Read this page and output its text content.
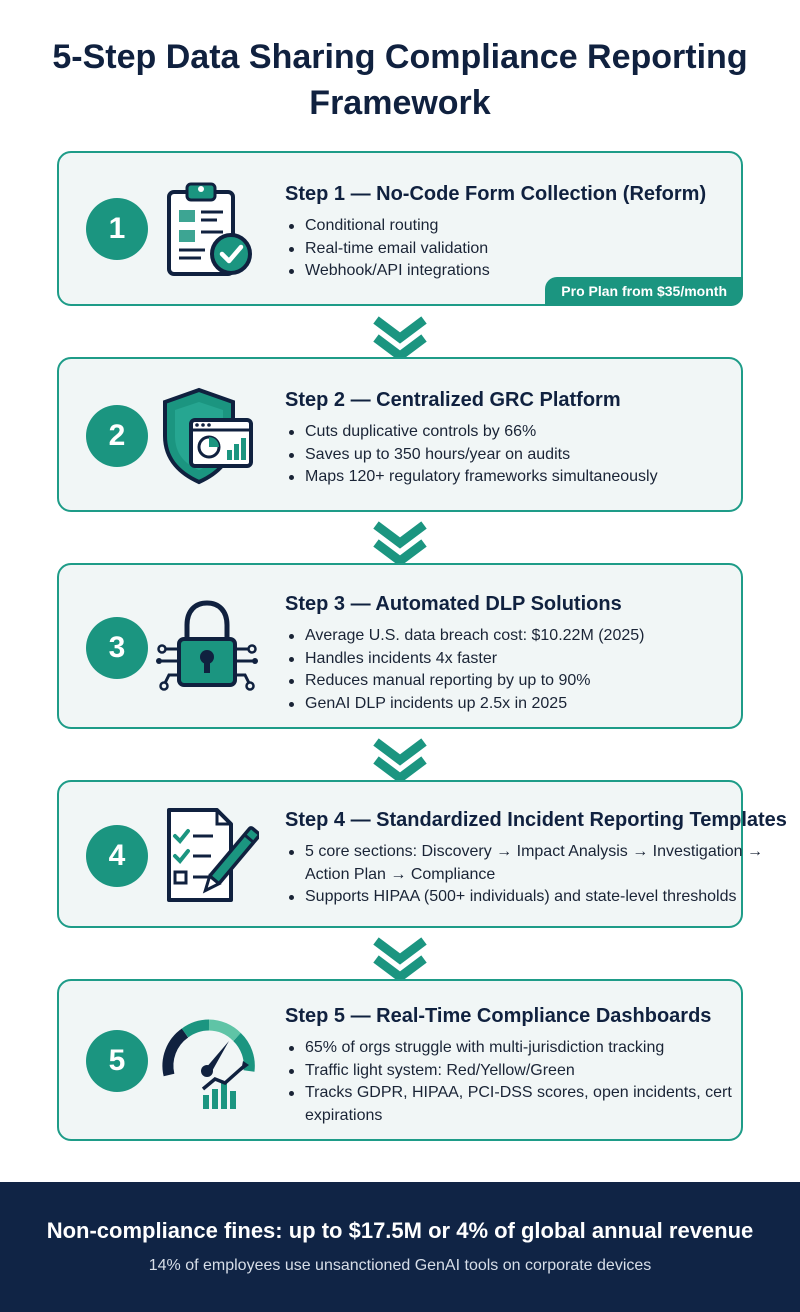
5-Step Data Sharing Compliance Reporting Framework
1
Step 1 — No-Code Form Collection (Reform)
Conditional routing
Real-time email validation
Webhook/API integrations
Pro Plan from $35/month
2
Step 2 — Centralized GRC Platform
Cuts duplicative controls by 66%
Saves up to 350 hours/year on audits
Maps 120+ regulatory frameworks simultaneously
3
Step 3 — Automated DLP Solutions
Average U.S. data breach cost: $10.22M (2025)
Handles incidents 4x faster
Reduces manual reporting by up to 90%
GenAI DLP incidents up 2.5x in 2025
4
Step 4 — Standardized Incident Reporting Templates
5 core sections: Discovery → Impact Analysis → Investigation → Action Plan → Compliance
Supports HIPAA (500+ individuals) and state-level thresholds
5
Step 5 — Real-Time Compliance Dashboards
65% of orgs struggle with multi-jurisdiction tracking
Traffic light system: Red/Yellow/Green
Tracks GDPR, HIPAA, PCI-DSS scores, open incidents, cert expirations
Non-compliance fines: up to $17.5M or 4% of global annual revenue
14% of employees use unsanctioned GenAI tools on corporate devices
